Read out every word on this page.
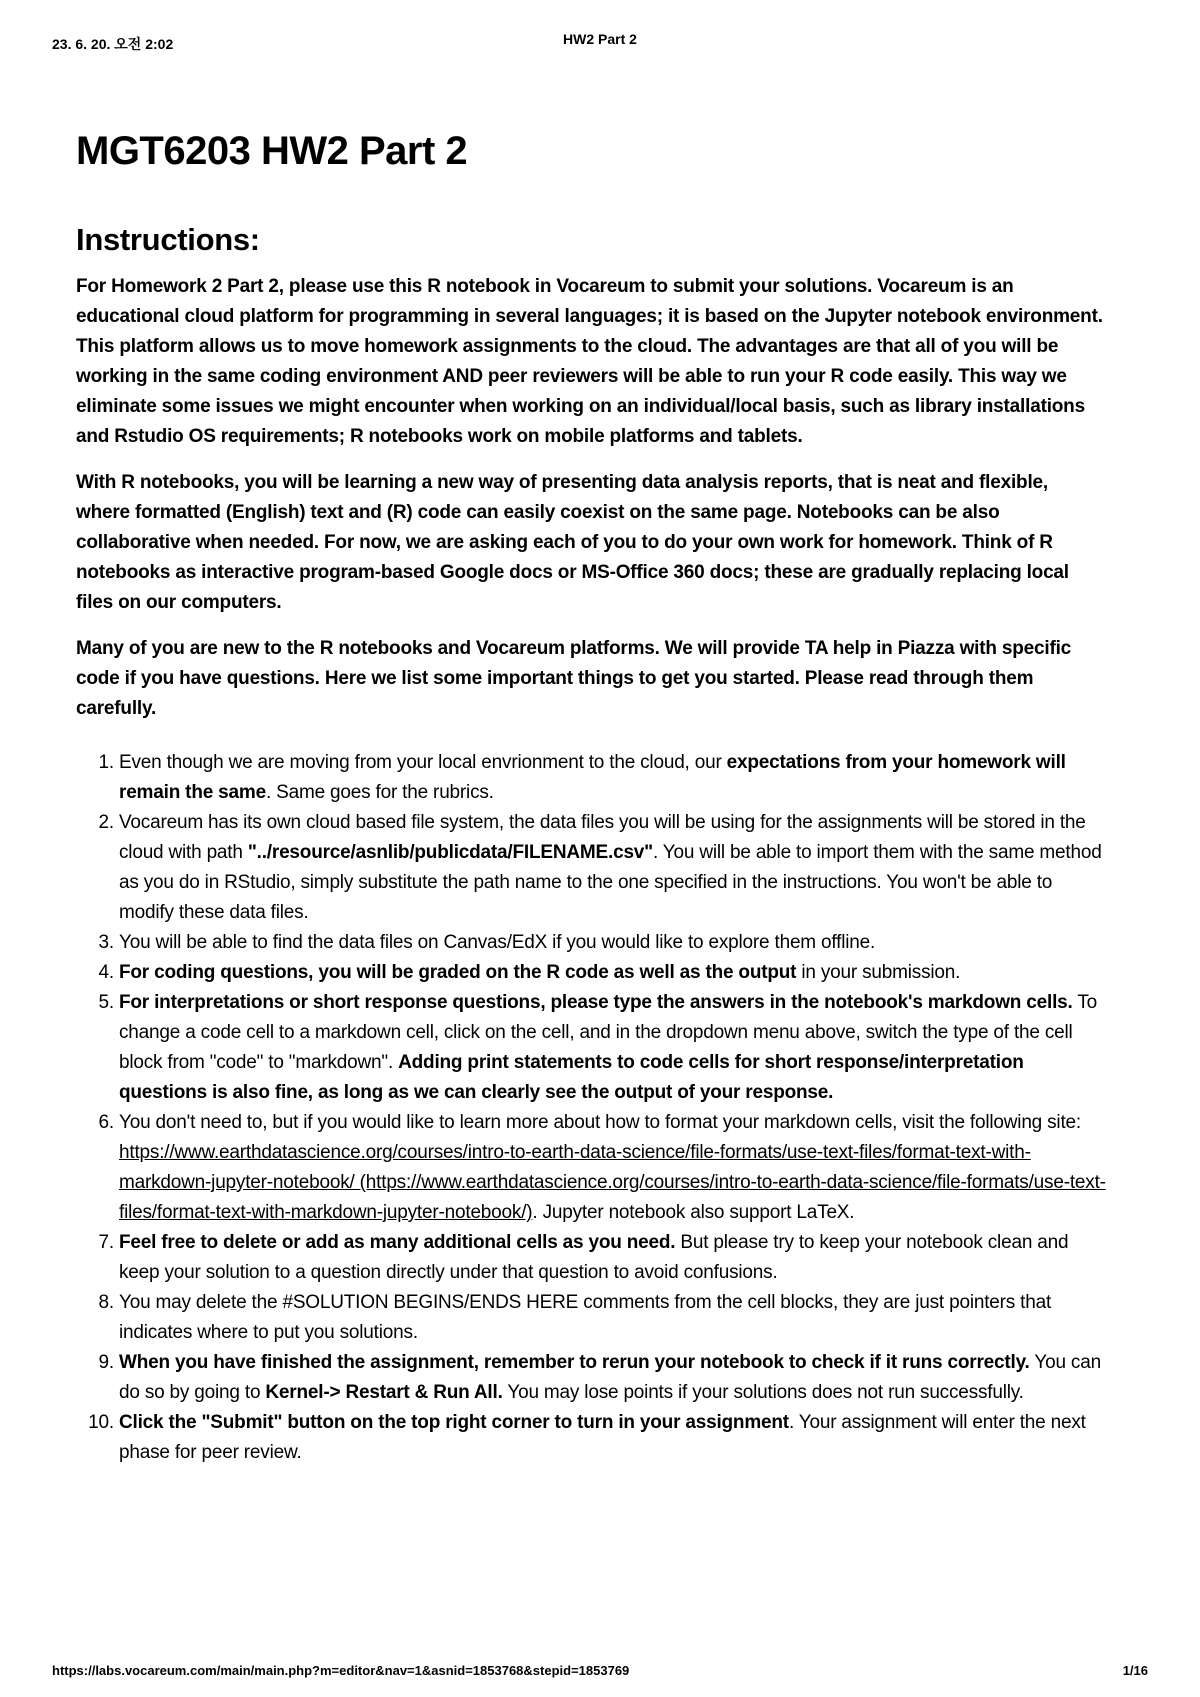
23. 6. 20. 오전 2:02	HW2 Part 2
MGT6203 HW2 Part 2
Instructions:

For Homework 2 Part 2, please use this R notebook in Vocareum to submit your solutions. Vocareum is an educational cloud platform for programming in several languages; it is based on the Jupyter notebook environment. This platform allows us to move homework assignments to the cloud. The advantages are that all of you will be working in the same coding environment AND peer reviewers will be able to run your R code easily. This way we eliminate some issues we might encounter when working on an individual/local basis, such as library installations and Rstudio OS requirements; R notebooks work on mobile platforms and tablets.

With R notebooks, you will be learning a new way of presenting data analysis reports, that is neat and flexible, where formatted (English) text and (R) code can easily coexist on the same page. Notebooks can be also collaborative when needed. For now, we are asking each of you to do your own work for homework. Think of R notebooks as interactive program-based Google docs or MS-Office 360 docs; these are gradually replacing local files on our computers.

Many of you are new to the R notebooks and Vocareum platforms. We will provide TA help in Piazza with specific code if you have questions. Here we list some important things to get you started. Please read through them carefully.

1. Even though we are moving from your local envrionment to the cloud, our expectations from your homework will remain the same. Same goes for the rubrics.
2. Vocareum has its own cloud based file system, the data files you will be using for the assignments will be stored in the cloud with path "../resource/asnlib/publicdata/FILENAME.csv". You will be able to import them with the same method as you do in RStudio, simply substitute the path name to the one specified in the instructions. You won't be able to modify these data files.
3. You will be able to find the data files on Canvas/EdX if you would like to explore them offline.
4. For coding questions, you will be graded on the R code as well as the output in your submission.
5. For interpretations or short response questions, please type the answers in the notebook's markdown cells. To change a code cell to a markdown cell, click on the cell, and in the dropdown menu above, switch the type of the cell block from "code" to "markdown". Adding print statements to code cells for short response/interpretation questions is also fine, as long as we can clearly see the output of your response.
6. You don't need to, but if you would like to learn more about how to format your markdown cells, visit the following site: https://www.earthdatascience.org/courses/intro-to-earth-data-science/file-formats/use-text-files/format-text-with-markdown-jupyter-notebook/ (https://www.earthdatascience.org/courses/intro-to-earth-data-science/file-formats/use-text-files/format-text-with-markdown-jupyter-notebook/). Jupyter notebook also support LaTeX.
7. Feel free to delete or add as many additional cells as you need. But please try to keep your notebook clean and keep your solution to a question directly under that question to avoid confusions.
8. You may delete the #SOLUTION BEGINS/ENDS HERE comments from the cell blocks, they are just pointers that indicates where to put you solutions.
9. When you have finished the assignment, remember to rerun your notebook to check if it runs correctly. You can do so by going to Kernel-> Restart & Run All. You may lose points if your solutions does not run successfully.
10. Click the "Submit" button on the top right corner to turn in your assignment. Your assignment will enter the next phase for peer review.
https://labs.vocareum.com/main/main.php?m=editor&nav=1&asnid=1853768&stepid=1853769	1/16
